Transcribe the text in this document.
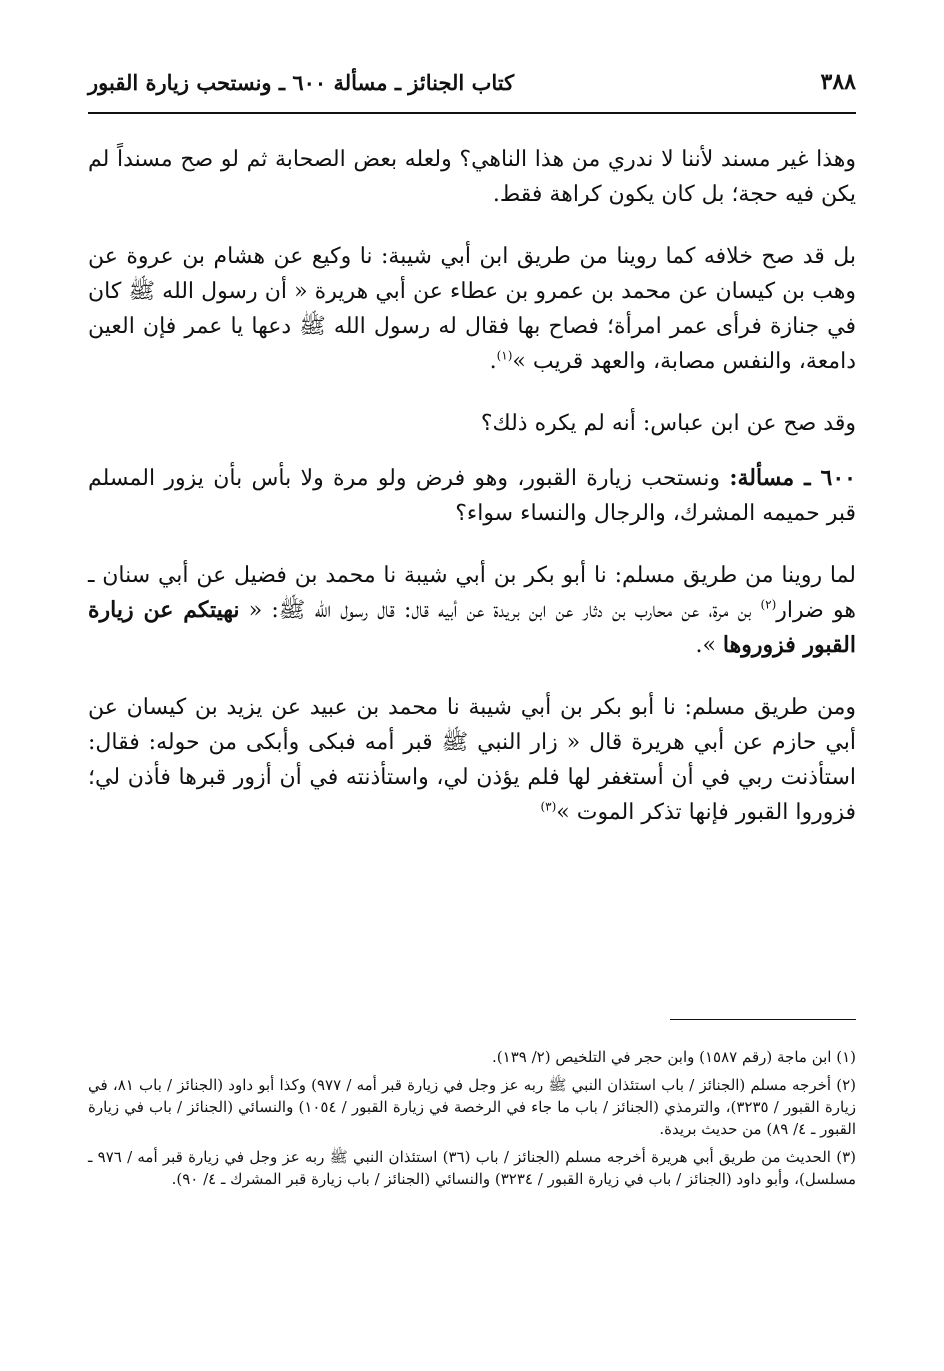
كتاب الجنائز ـ مسألة ٦٠٠ ـ ونستحب زيارة القبور	٣٨٨

وهذا غير مسند لأننا لا ندري من هذا الناهي؟ ولعله بعض الصحابة ثم لو صح مسنداً لم يكن فيه حجة؛ بل كان يكون كراهة فقط.

بل قد صح خلافه كما روينا من طريق ابن أبي شيبة: نا وكيع عن هشام بن عروة عن وهب بن كيسان عن محمد بن عمرو بن عطاء عن أبي هريرة « أن رسول الله ﷺ كان في جنازة فرأى عمر امرأة؛ فصاح بها فقال له رسول الله ﷺ دعها يا عمر فإن العين دامعة، والنفس مصابة، والعهد قريب »$^{(١)}$.

وقد صح عن ابن عباس: أنه لم يكره ذلك؟

٦٠٠ ـ مسألة: ونستحب زيارة القبور، وهو فرض ولو مرة ولا بأس بأن يزور المسلم قبر حميمه المشرك، والرجال والنساء سواء؟

لما روينا من طريق مسلم: نا أبو بكر بن أبي شيبة نا محمد بن فضيل عن أبي سنان ـ هو ضرار$^{(٢)}$ بن مرة، عن محارب بن دثار عن ابن بريدة عن أبيه قال: قال رسول الله ﷺ: « نهيتكم عن زيارة القبور فزوروها ».

ومن طريق مسلم: نا أبو بكر بن أبي شيبة نا محمد بن عبيد عن يزيد بن كيسان عن أبي حازم عن أبي هريرة قال « زار النبي ﷺ قبر أمه فبكى وأبكى من حوله: فقال: استأذنت ربي في أن أستغفر لها فلم يؤذن لي، واستأذنته في أن أزور قبرها فأذن لي؛ فزوروا القبور فإنها تذكر الموت »$^{(٣)}$

(١) ابن ماجة (رقم ١٥٨٧) وابن حجر في التلخيص (٢/ ١٣٩).

(٢) أخرجه مسلم (الجنائز / باب استئذان النبي ﷺ ربه عز وجل في زيارة قبر أمه / ٩٧٧) وكذا أبو داود (الجنائز / باب ٨١، في زيارة القبور / ٣٢٣٥)، والترمذي (الجنائز / باب ما جاء في الرخصة في زيارة القبور / ١٠٥٤) والنسائي (الجنائز / باب في زيارة القبور ـ ٤/ ٨٩) من حديث بريدة.

(٣) الحديث من طريق أبي هريرة أخرجه مسلم (الجنائز / باب (٣٦) استئذان النبي ﷺ ربه عز وجل في زيارة قبر أمه / ٩٧٦ ـ مسلسل)، وأبو داود (الجنائز / باب في زيارة القبور / ٣٢٣٤) والنسائي (الجنائز / باب زيارة قبر المشرك ـ ٤/ ٩٠).
